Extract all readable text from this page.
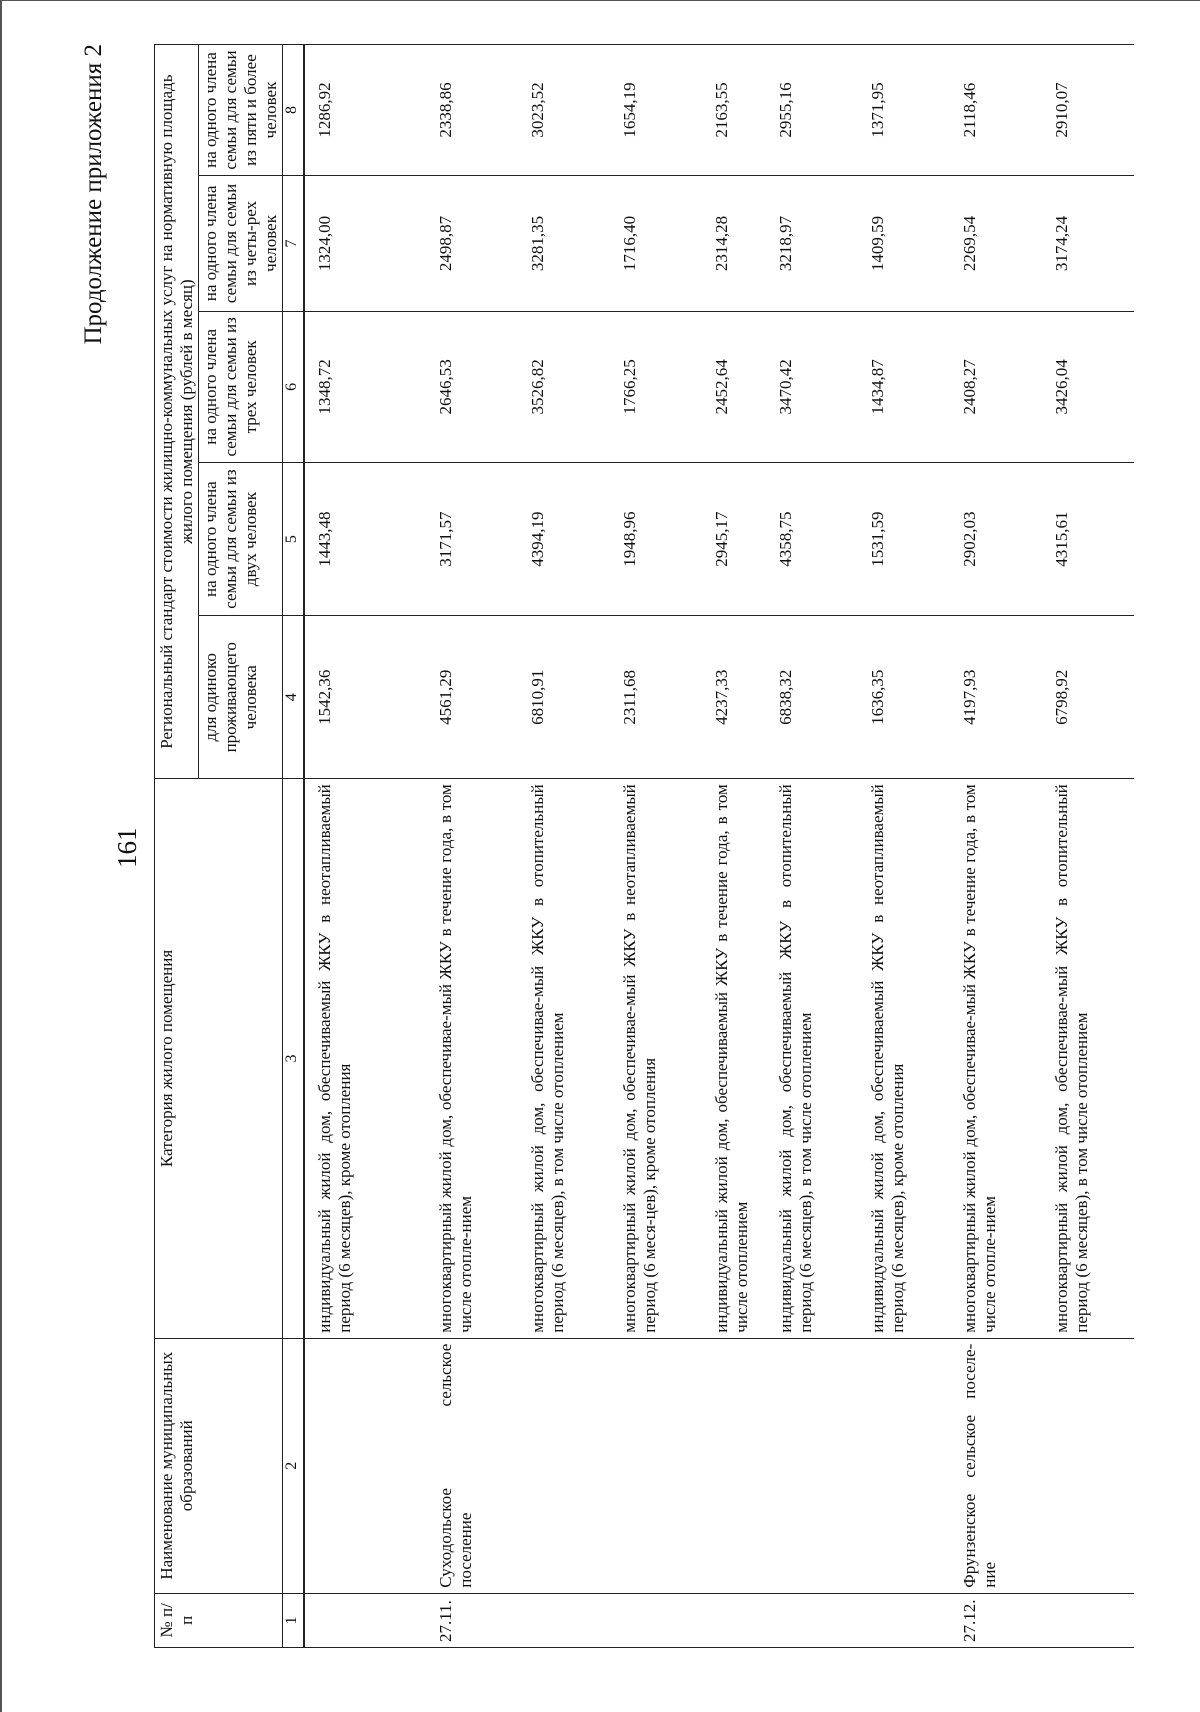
161
Продолжение приложения 2
№ п/п	Наименование муниципальных образований	Категория жилого помещения	Региональный стандарт стоимости жилищно-коммунальных услуг на нормативную площадь жилого помещения (рублей в месяц)				
			для одиноко проживающего человека	на одного члена семьи для семьи из двух человек	на одного члена семьи для семьи из трех человек	на одного члена семьи для семьи из четы-рех человек	на одного члена семьи для семьи из пяти и более человек
1	2	3	4	5	6	7	8
		индивидуальный жилой дом, обеспечиваемый ЖКУ в неотапливаемый период (6 месяцев), кроме отопления	1542,36	1443,48	1348,72	1324,00	1286,92
27.11.	Суходольское сельское поселение	многоквартирный жилой дом, обеспечивае-мый ЖКУ в течение года, в том числе отопле-нием	4561,29	3171,57	2646,53	2498,87	2338,86
		многоквартирный жилой дом, обеспечивае-мый ЖКУ в отопительный период (6 месяцев), в том числе отоплением	6810,91	4394,19	3526,82	3281,35	3023,52
		многоквартирный жилой дом, обеспечивае-мый ЖКУ в неотапливаемый период (6 меся-цев), кроме отопления	2311,68	1948,96	1766,25	1716,40	1654,19
		индивидуальный жилой дом, обеспечиваемый ЖКУ в течение года, в том числе отоплением	4237,33	2945,17	2452,64	2314,28	2163,55
		индивидуальный жилой дом, обеспечиваемый ЖКУ в отопительный период (6 месяцев), в том числе отоплением	6838,32	4358,75	3470,42	3218,97	2955,16
		индивидуальный жилой дом, обеспечиваемый ЖКУ в неотапливаемый период (6 месяцев), кроме отопления	1636,35	1531,59	1434,87	1409,59	1371,95
27.12.	Фрунзенское сельское поселе-ние	многоквартирный жилой дом, обеспечивае-мый ЖКУ в течение года, в том числе отопле-нием	4197,93	2902,03	2408,27	2269,54	2118,46
		многоквартирный жилой дом, обеспечивае-мый ЖКУ в отопительный период (6 месяцев), в том числе отоплением	6798,92	4315,61	3426,04	3174,24	2910,07
